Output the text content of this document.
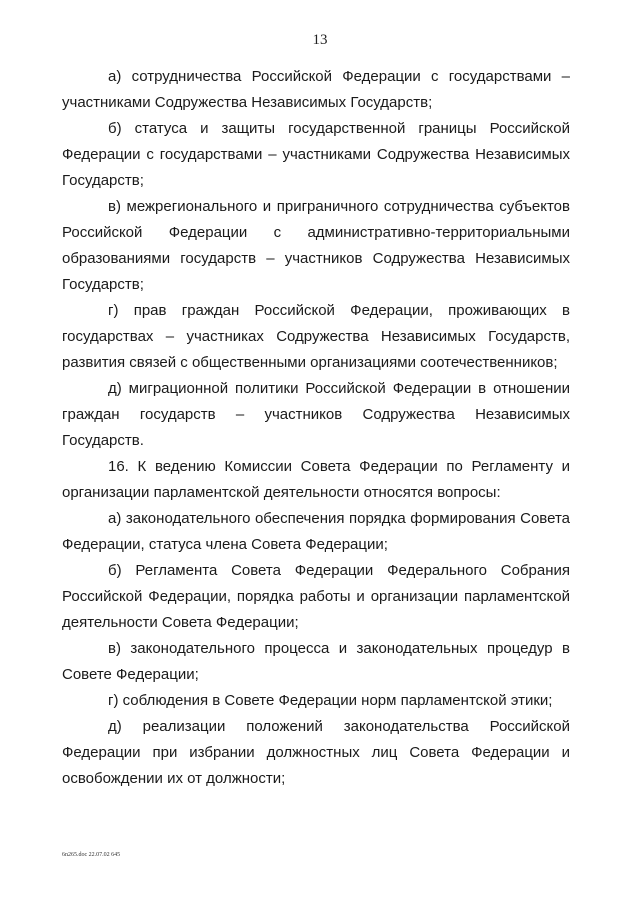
13

а) сотрудничества Российской Федерации с государствами – участниками Содружества Независимых Государств;

б) статуса и защиты государственной границы Российской Федерации с государствами – участниками Содружества Независимых Государств;

в) межрегионального и приграничного сотрудничества субъектов Российской Федерации с административно-территориальными образованиями государств – участников Содружества Независимых Государств;

г) прав граждан Российской Федерации, проживающих в государствах – участниках Содружества Независимых Государств, развития связей с общественными организациями соотечественников;

д) миграционной политики Российской Федерации в отношении граждан государств – участников Содружества Независимых Государств.

16. К ведению Комиссии Совета Федерации по Регламенту и организации парламентской деятельности относятся вопросы:

а) законодательного обеспечения порядка формирования Совета Федерации, статуса члена Совета Федерации;

б) Регламента Совета Федерации Федерального Собрания Российской Федерации, порядка работы и организации парламентской деятельности Совета Федерации;

в) законодательного процесса и законодательных процедур в Совете Федерации;

г) соблюдения в Совете Федерации норм парламентской этики;

д) реализации положений законодательства Российской Федерации при избрании должностных лиц Совета Федерации и освобождении их от должности;

6n265.doc 22.07.02 645
